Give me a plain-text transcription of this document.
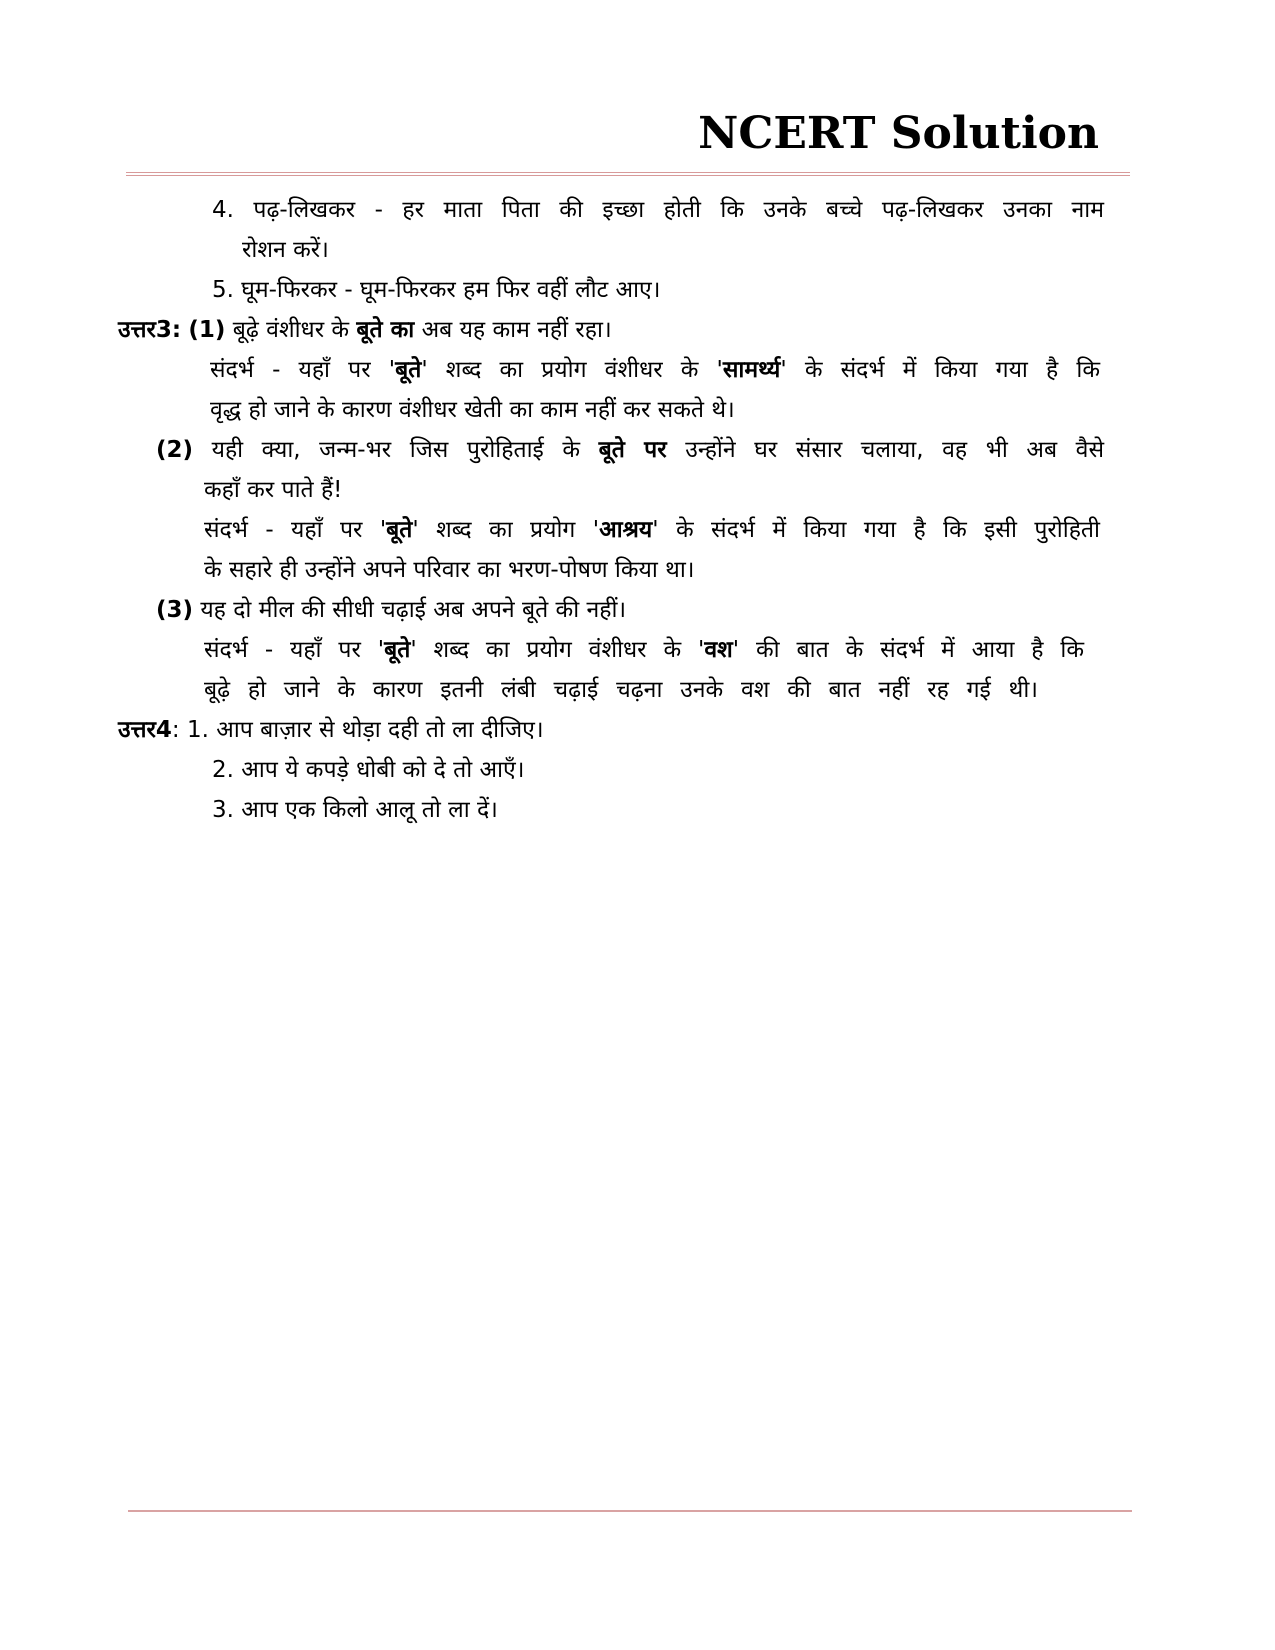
NCERT Solution
4. पढ़-लिखकर - हर माता पिता की इच्छा होती कि उनके बच्चे पढ़-लिखकर उनका नाम
रोशन करें।
5. घूम-फिरकर - घूम-फिरकर हम फिर वहीं लौट आए।
उत्तर3: (1) बूढ़े वंशीधर के बूते का अब यह काम नहीं रहा।
संदर्भ - यहाँ पर 'बूते' शब्द का प्रयोग वंशीधर के 'सामर्थ्य' के संदर्भ में किया गया है कि
वृद्ध हो जाने के कारण वंशीधर खेती का काम नहीं कर सकते थे।
(2) यही क्या, जन्म-भर जिस पुरोहिताई के बूते पर उन्होंने घर संसार चलाया, वह भी अब वैसे
कहाँ कर पाते हैं!
संदर्भ - यहाँ पर 'बूते' शब्द का प्रयोग 'आश्रय' के संदर्भ में किया गया है कि इसी पुरोहिती
के सहारे ही उन्होंने अपने परिवार का भरण-पोषण किया था।
(3) यह दो मील की सीधी चढ़ाई अब अपने बूते की नहीं।
संदर्भ - यहाँ पर 'बूते' शब्द का प्रयोग वंशीधर के 'वश' की बात के संदर्भ में आया है कि
बूढ़े हो जाने के कारण इतनी लंबी चढ़ाई चढ़ना उनके वश की बात नहीं रह गई थी।
उत्तर4: 1. आप बाज़ार से थोड़ा दही तो ला दीजिए।
2. आप ये कपड़े धोबी को दे तो आएँ।
3. आप एक किलो आलू तो ला दें।
